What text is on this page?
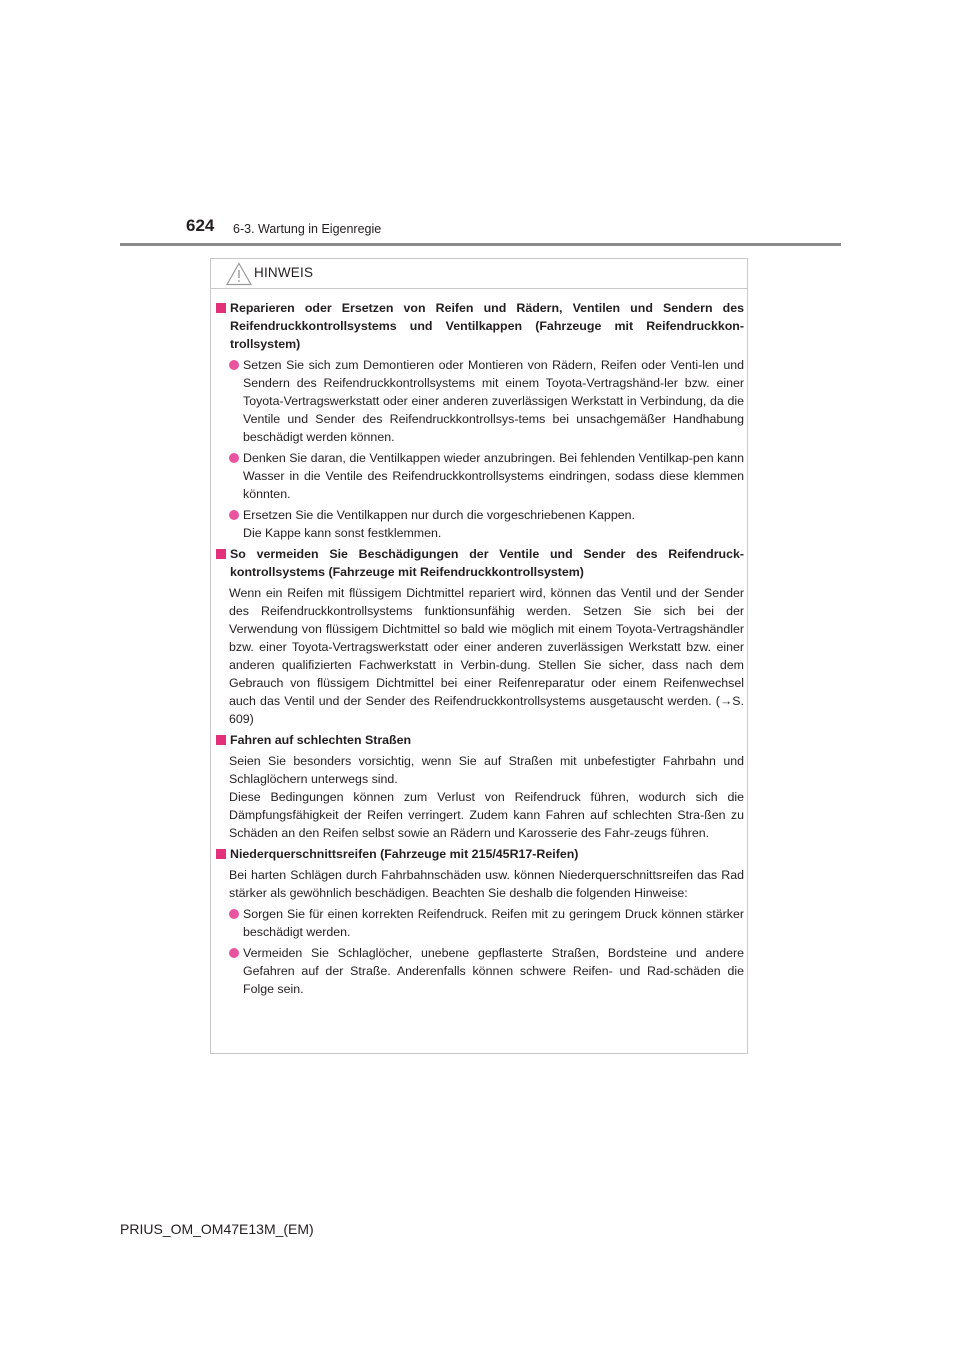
624 6-3. Wartung in Eigenregie
HINWEIS
Reparieren oder Ersetzen von Reifen und Rädern, Ventilen und Sendern des Reifendruckkontrollsystems und Ventilkappen (Fahrzeuge mit Reifendruckkon-trollsystem)
Setzen Sie sich zum Demontieren oder Montieren von Rädern, Reifen oder Venti-len und Sendern des Reifendruckkontrollsystems mit einem Toyota-Vertragshänd-ler bzw. einer Toyota-Vertragswerkstatt oder einer anderen zuverlässigen Werkstatt in Verbindung, da die Ventile und Sender des Reifendruckkontrollsys-tems bei unsachgemäßer Handhabung beschädigt werden können.
Denken Sie daran, die Ventilkappen wieder anzubringen. Bei fehlenden Ventilkap-pen kann Wasser in die Ventile des Reifendruckkontrollsystems eindringen, sodass diese klemmen könnten.
Ersetzen Sie die Ventilkappen nur durch die vorgeschriebenen Kappen.
Die Kappe kann sonst festklemmen.
So vermeiden Sie Beschädigungen der Ventile und Sender des Reifendruck-kontrollsystems (Fahrzeuge mit Reifendruckkontrollsystem)
Wenn ein Reifen mit flüssigem Dichtmittel repariert wird, können das Ventil und der Sender des Reifendruckkontrollsystems funktionsunfähig werden. Setzen Sie sich bei der Verwendung von flüssigem Dichtmittel so bald wie möglich mit einem Toyota-Vertragshändler bzw. einer Toyota-Vertragswerkstatt oder einer anderen zuverlässigen Werkstatt bzw. einer anderen qualifizierten Fachwerkstatt in Verbin-dung. Stellen Sie sicher, dass nach dem Gebrauch von flüssigem Dichtmittel bei einer Reifenreparatur oder einem Reifenwechsel auch das Ventil und der Sender des Reifendruckkontrollsystems ausgetauscht werden. (→S. 609)
Fahren auf schlechten Straßen
Seien Sie besonders vorsichtig, wenn Sie auf Straßen mit unbefestigter Fahrbahn und Schlaglöchern unterwegs sind.
Diese Bedingungen können zum Verlust von Reifendruck führen, wodurch sich die Dämpfungsfähigkeit der Reifen verringert. Zudem kann Fahren auf schlechten Stra-ßen zu Schäden an den Reifen selbst sowie an Rädern und Karosserie des Fahr-zeugs führen.
Niederquerschnittsreifen (Fahrzeuge mit 215/45R17-Reifen)
Bei harten Schlägen durch Fahrbahnschäden usw. können Niederquerschnittsreifen das Rad stärker als gewöhnlich beschädigen. Beachten Sie deshalb die folgenden Hinweise:
Sorgen Sie für einen korrekten Reifendruck. Reifen mit zu geringem Druck können stärker beschädigt werden.
Vermeiden Sie Schlaglöcher, unebene gepflasterte Straßen, Bordsteine und andere Gefahren auf der Straße. Anderenfalls können schwere Reifen- und Rad-schäden die Folge sein.
PRIUS_OM_OM47E13M_(EM)
